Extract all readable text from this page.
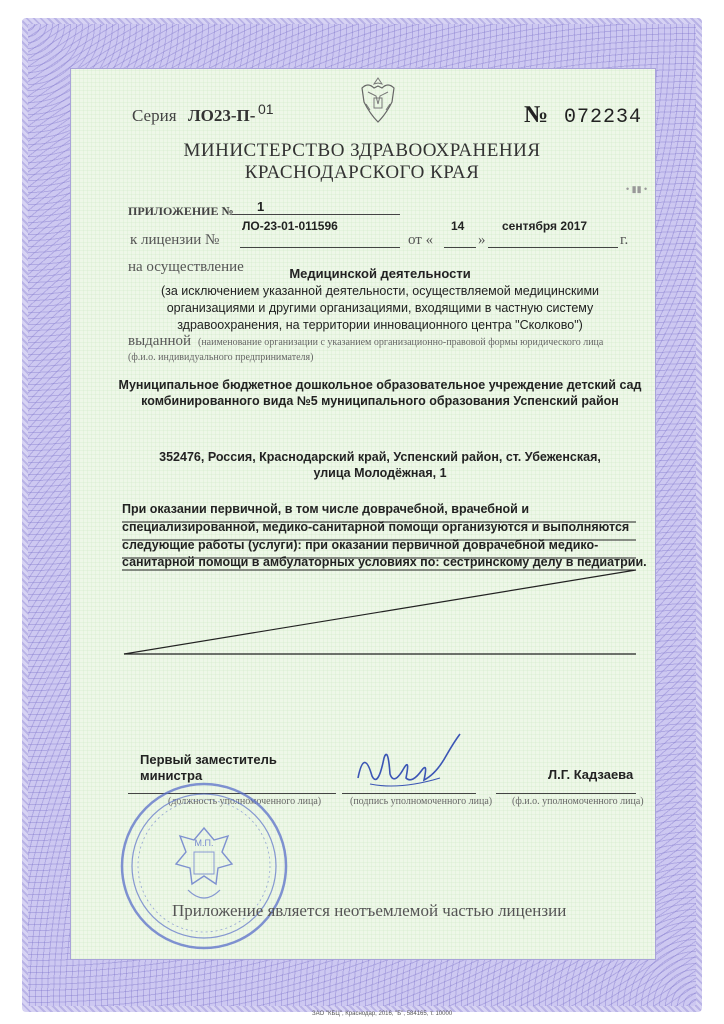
Серия ЛО23-П- 01	№ 072234
МИНИСТЕРСТВО ЗДРАВООХРАНЕНИЯ
КРАСНОДАРСКОГО КРАЯ
• ▮▮ •
ПРИЛОЖЕНИЕ № 1
ЛО-23-01-011596	14	сентября 2017
к лицензии №	от «	»	г.
на осуществление	Медицинской деятельности
(за исключением указанной деятельности, осуществляемой медицинскими
организациями и другими организациями, входящими в частную систему
здравоохранения, на территории инновационного центра "Сколково")
выданной (наименование организации с указанием организационно-правовой формы юридического лица
(ф.и.о. индивидуального предпринимателя)
Муниципальное бюджетное дошкольное образовательное учреждение детский сад
комбинированного вида №5 муниципального образования Успенский район
352476, Россия, Краснодарский край, Успенский район, ст. Убеженская,
улица Молодёжная, 1
При оказании первичной, в том числе доврачебной, врачебной и
специализированной, медико-санитарной помощи организуются и выполняются
следующие работы (услуги): при оказании первичной доврачебной медико-
санитарной помощи в амбулаторных условиях по: сестринскому делу в педиатрии.
Первый заместитель
министра	Л.Г. Кадзаева
(должность уполномоченного лица)	(подпись уполномоченного лица) (ф.и.о. уполномоченного лица)
М.П.
Приложение является неотъемлемой частью лицензии
ЗАО "КБЦ", Краснодар, 2016, "Б", 584165, т. 10000
